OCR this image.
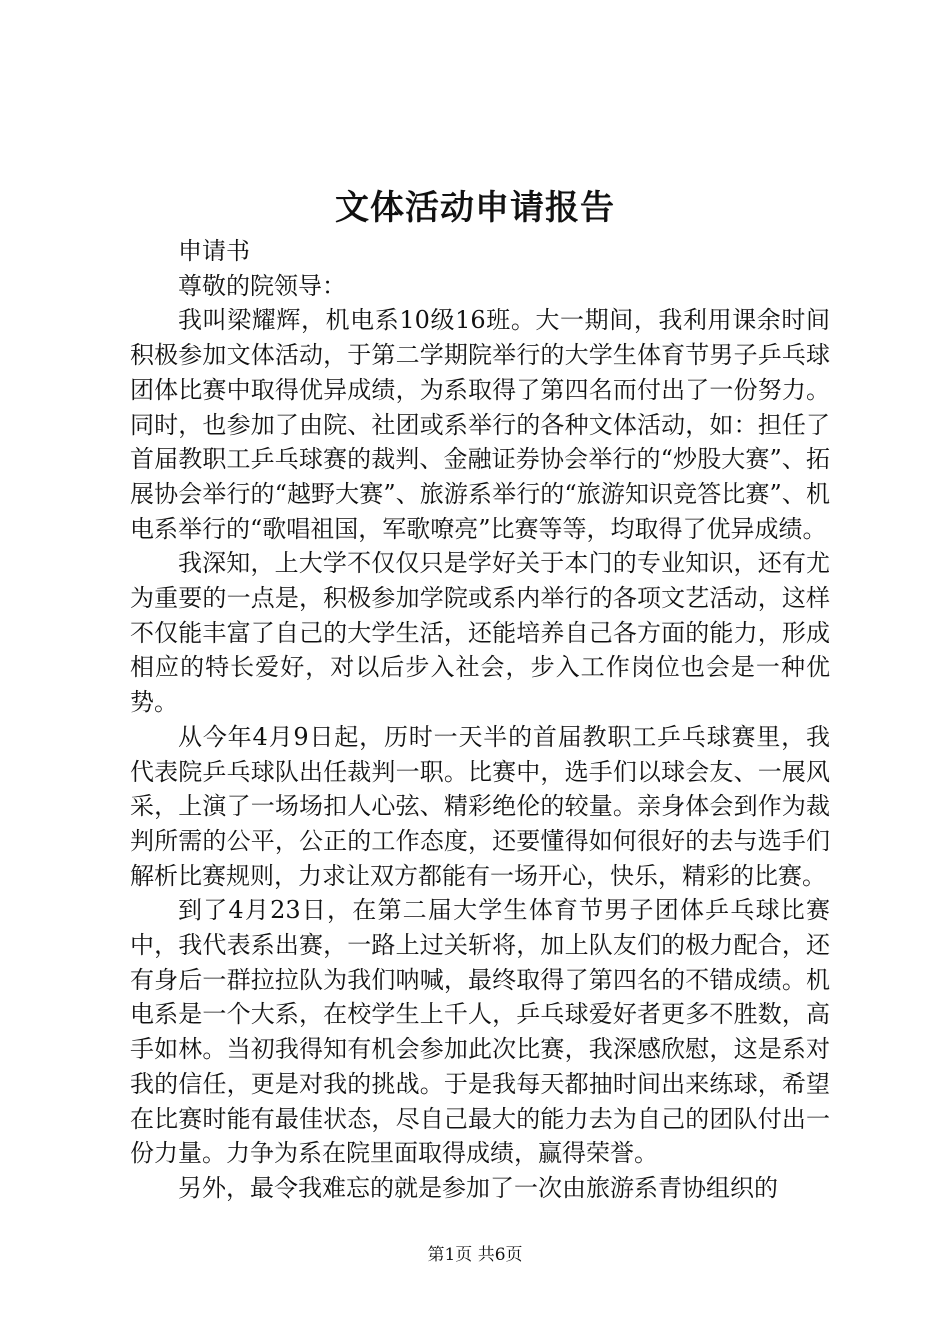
文体活动申请报告

申请书

尊敬的院领导：

我叫梁耀辉，机电系10级16班。大一期间，我利用课余时间积极参加文体活动，于第二学期院举行的大学生体育节男子乒乓球团体比赛中取得优异成绩，为系取得了第四名而付出了一份努力。同时，也参加了由院、社团或系举行的各种文体活动，如：担任了首届教职工乒乓球赛的裁判、金融证券协会举行的“炒股大赛”、拓展协会举行的“越野大赛”、旅游系举行的“旅游知识竞答比赛”、机电系举行的“歌唱祖国，军歌嘹亮”比赛等等，均取得了优异成绩。

我深知，上大学不仅仅只是学好关于本门的专业知识，还有尤为重要的一点是，积极参加学院或系内举行的各项文艺活动，这样不仅能丰富了自己的大学生活，还能培养自己各方面的能力，形成相应的特长爱好，对以后步入社会，步入工作岗位也会是一种优势。

从今年4月9日起，历时一天半的首届教职工乒乓球赛里，我代表院乒乓球队出任裁判一职。比赛中，选手们以球会友、一展风采，上演了一场场扣人心弦、精彩绝伦的较量。亲身体会到作为裁判所需的公平，公正的工作态度，还要懂得如何很好的去与选手们解析比赛规则，力求让双方都能有一场开心，快乐，精彩的比赛。

到了4月23日，在第二届大学生体育节男子团体乒乓球比赛中，我代表系出赛，一路上过关斩将，加上队友们的极力配合，还有身后一群拉拉队为我们呐喊，最终取得了第四名的不错成绩。机电系是一个大系，在校学生上千人，乒乓球爱好者更多不胜数，高手如林。当初我得知有机会参加此次比赛，我深感欣慰，这是系对我的信任，更是对我的挑战。于是我每天都抽时间出来练球，希望在比赛时能有最佳状态，尽自己最大的能力去为自己的团队付出一份力量。力争为系在院里面取得成绩，赢得荣誉。

另外，最令我难忘的就是参加了一次由旅游系青协组织的

第1页 共6页
